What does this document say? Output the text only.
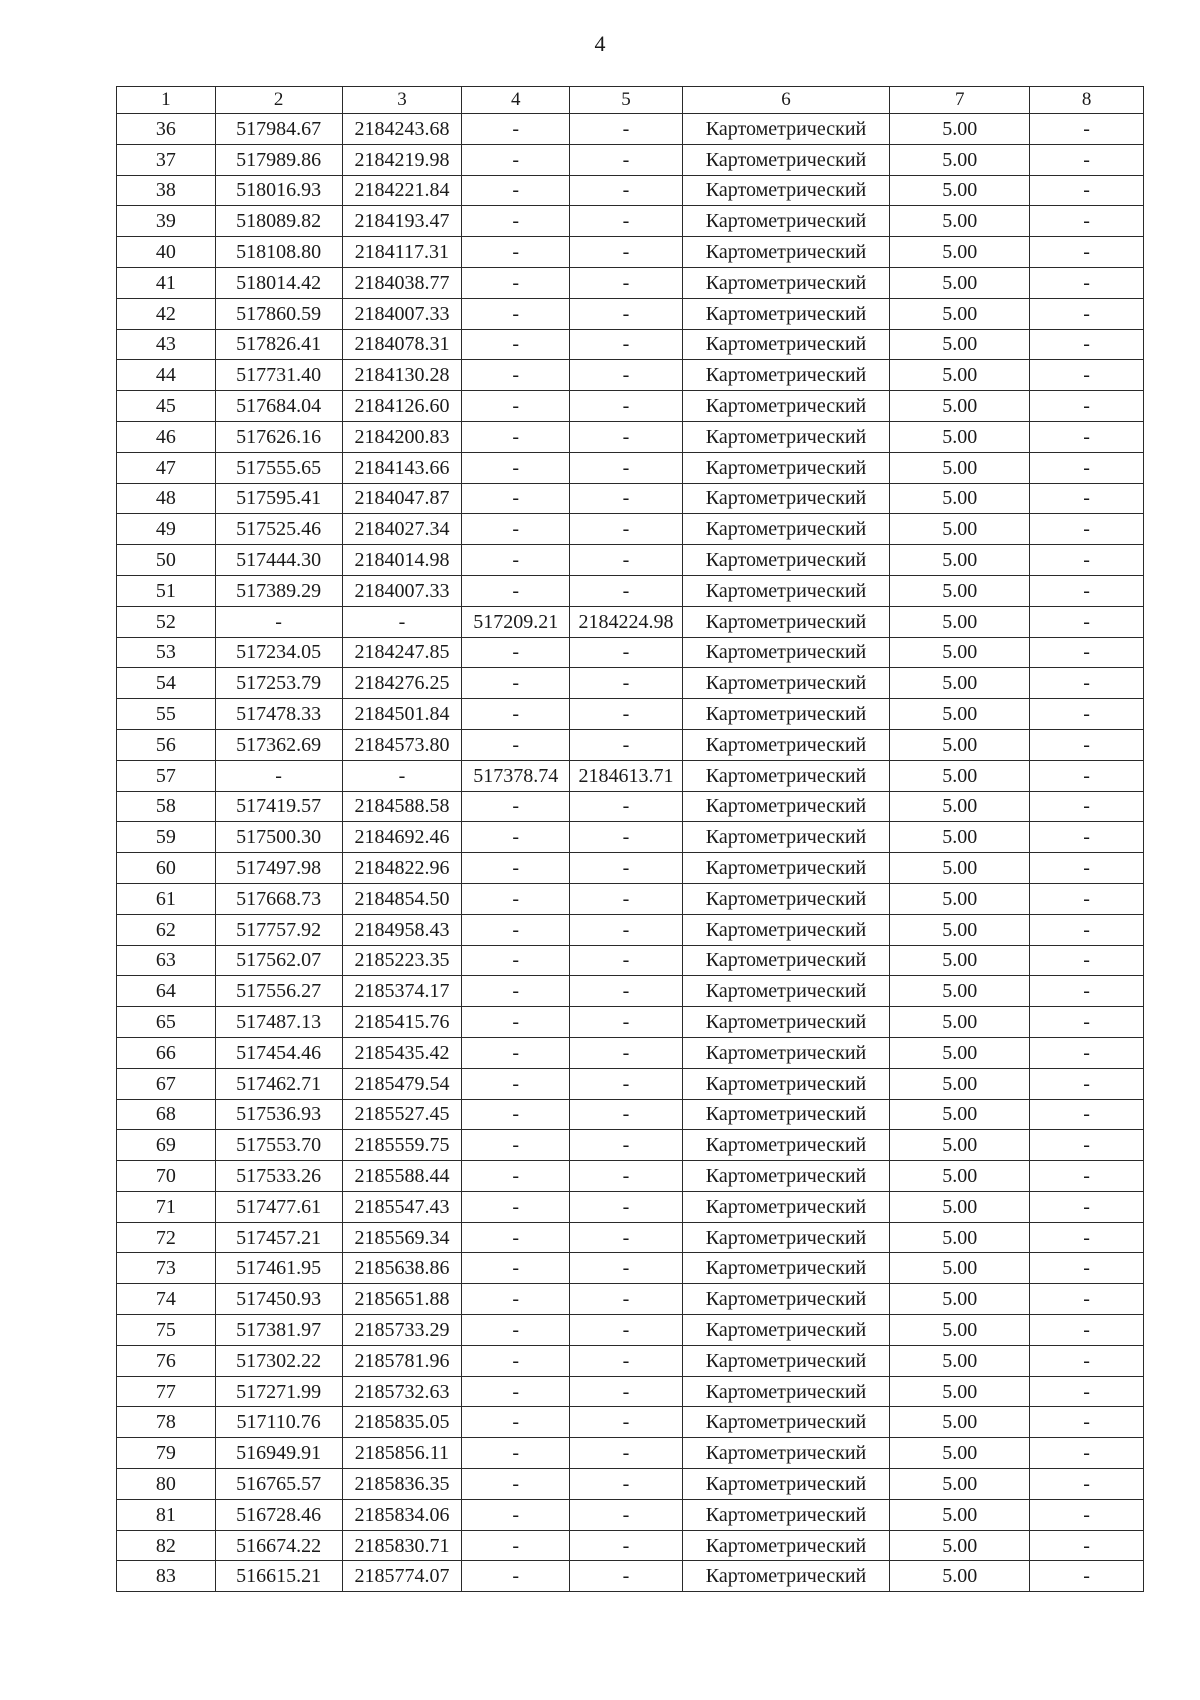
4
1	2	3	4	5	6	7	8
36	517984.67	2184243.68	-	-	Картометрический	5.00	-
37	517989.86	2184219.98	-	-	Картометрический	5.00	-
38	518016.93	2184221.84	-	-	Картометрический	5.00	-
39	518089.82	2184193.47	-	-	Картометрический	5.00	-
40	518108.80	2184117.31	-	-	Картометрический	5.00	-
41	518014.42	2184038.77	-	-	Картометрический	5.00	-
42	517860.59	2184007.33	-	-	Картометрический	5.00	-
43	517826.41	2184078.31	-	-	Картометрический	5.00	-
44	517731.40	2184130.28	-	-	Картометрический	5.00	-
45	517684.04	2184126.60	-	-	Картометрический	5.00	-
46	517626.16	2184200.83	-	-	Картометрический	5.00	-
47	517555.65	2184143.66	-	-	Картометрический	5.00	-
48	517595.41	2184047.87	-	-	Картометрический	5.00	-
49	517525.46	2184027.34	-	-	Картометрический	5.00	-
50	517444.30	2184014.98	-	-	Картометрический	5.00	-
51	517389.29	2184007.33	-	-	Картометрический	5.00	-
52	-	-	517209.21	2184224.98	Картометрический	5.00	-
53	517234.05	2184247.85	-	-	Картометрический	5.00	-
54	517253.79	2184276.25	-	-	Картометрический	5.00	-
55	517478.33	2184501.84	-	-	Картометрический	5.00	-
56	517362.69	2184573.80	-	-	Картометрический	5.00	-
57	-	-	517378.74	2184613.71	Картометрический	5.00	-
58	517419.57	2184588.58	-	-	Картометрический	5.00	-
59	517500.30	2184692.46	-	-	Картометрический	5.00	-
60	517497.98	2184822.96	-	-	Картометрический	5.00	-
61	517668.73	2184854.50	-	-	Картометрический	5.00	-
62	517757.92	2184958.43	-	-	Картометрический	5.00	-
63	517562.07	2185223.35	-	-	Картометрический	5.00	-
64	517556.27	2185374.17	-	-	Картометрический	5.00	-
65	517487.13	2185415.76	-	-	Картометрический	5.00	-
66	517454.46	2185435.42	-	-	Картометрический	5.00	-
67	517462.71	2185479.54	-	-	Картометрический	5.00	-
68	517536.93	2185527.45	-	-	Картометрический	5.00	-
69	517553.70	2185559.75	-	-	Картометрический	5.00	-
70	517533.26	2185588.44	-	-	Картометрический	5.00	-
71	517477.61	2185547.43	-	-	Картометрический	5.00	-
72	517457.21	2185569.34	-	-	Картометрический	5.00	-
73	517461.95	2185638.86	-	-	Картометрический	5.00	-
74	517450.93	2185651.88	-	-	Картометрический	5.00	-
75	517381.97	2185733.29	-	-	Картометрический	5.00	-
76	517302.22	2185781.96	-	-	Картометрический	5.00	-
77	517271.99	2185732.63	-	-	Картометрический	5.00	-
78	517110.76	2185835.05	-	-	Картометрический	5.00	-
79	516949.91	2185856.11	-	-	Картометрический	5.00	-
80	516765.57	2185836.35	-	-	Картометрический	5.00	-
81	516728.46	2185834.06	-	-	Картометрический	5.00	-
82	516674.22	2185830.71	-	-	Картометрический	5.00	-
83	516615.21	2185774.07	-	-	Картометрический	5.00	-
